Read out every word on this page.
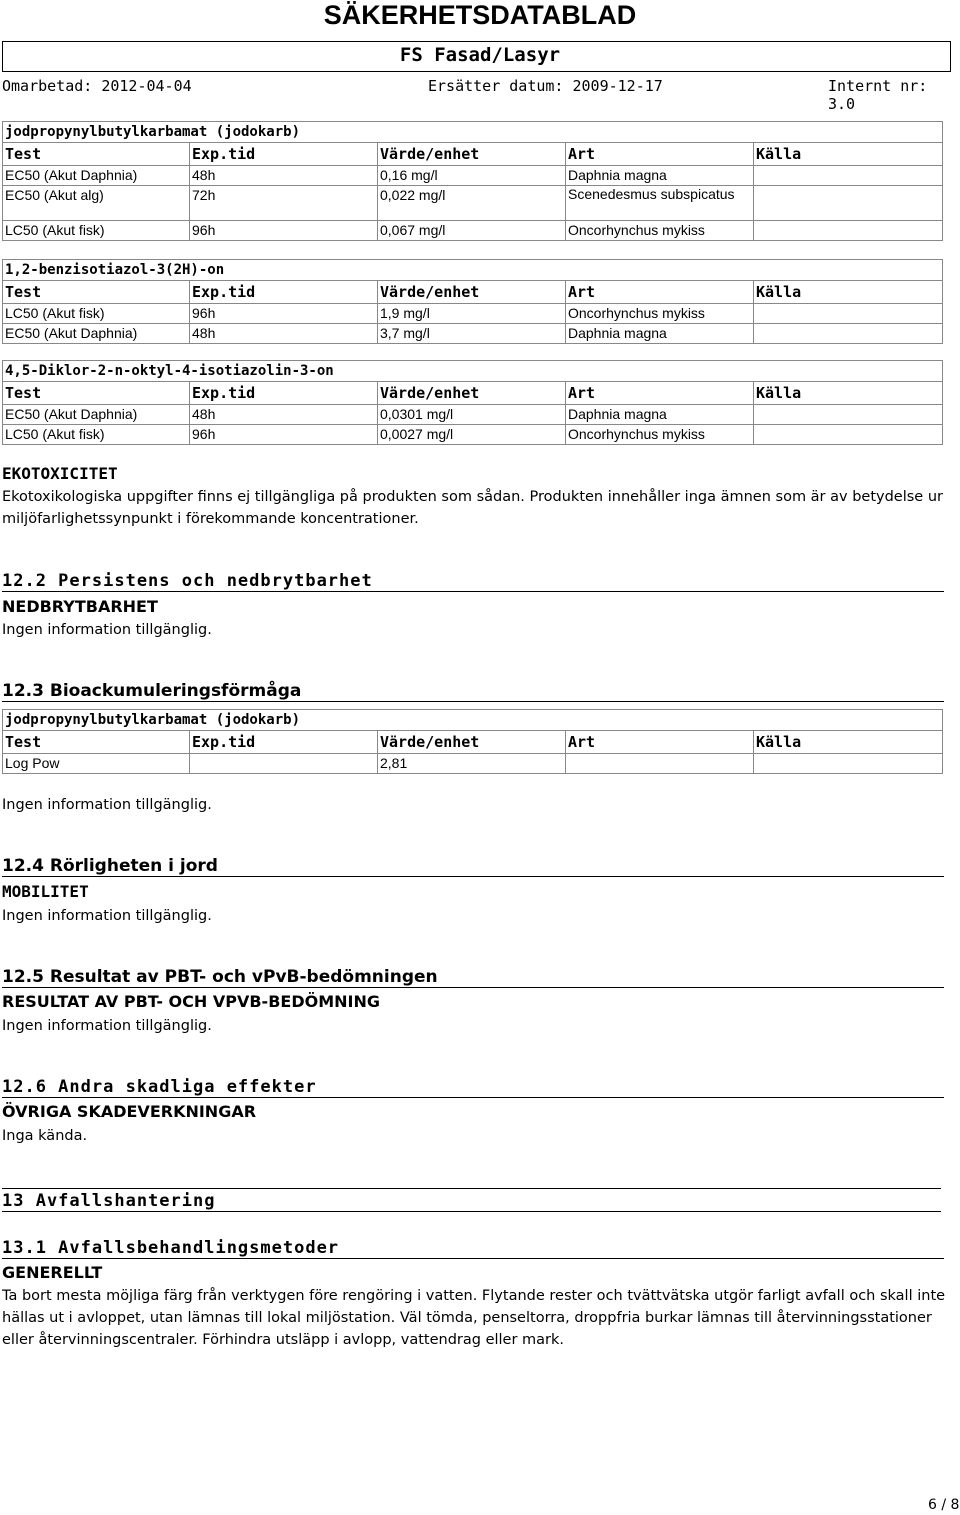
SÄKERHETSDATABLAD
FS Fasad/Lasyr
Omarbetad: 2012-04-04	Ersätter datum: 2009-12-17	Internt nr: 3.0
jodpropynylbutylkarbamat (jodokarb)				
Test	Exp.tid	Värde/enhet	Art	Källa
EC50 (Akut Daphnia)	48h	0,16 mg/l	Daphnia magna	
EC50 (Akut alg)	72h	0,022 mg/l	Scenedesmus subspicatus	
LC50 (Akut fisk)	96h	0,067 mg/l	Oncorhynchus mykiss	
1,2-benzisotiazol-3(2H)-on				
Test	Exp.tid	Värde/enhet	Art	Källa
LC50 (Akut fisk)	96h	1,9 mg/l	Oncorhynchus mykiss	
EC50 (Akut Daphnia)	48h	3,7 mg/l	Daphnia magna	
4,5-Diklor-2-n-oktyl-4-isotiazolin-3-on				
Test	Exp.tid	Värde/enhet	Art	Källa
EC50 (Akut Daphnia)	48h	0,0301 mg/l	Daphnia magna	
LC50 (Akut fisk)	96h	0,0027 mg/l	Oncorhynchus mykiss	
EKOTOXICITET
Ekotoxikologiska uppgifter finns ej tillgängliga på produkten som sådan. Produkten innehåller inga ämnen som är av betydelse ur miljöfarlighetssynpunkt i förekommande koncentrationer.
12.2 Persistens och nedbrytbarhet
NEDBRYTBARHET
Ingen information tillgänglig.
12.3 Bioackumuleringsförmåga
jodpropynylbutylkarbamat (jodokarb)				
Test	Exp.tid	Värde/enhet	Art	Källa
Log Pow		2,81		
Ingen information tillgänglig.
12.4 Rörligheten i jord
MOBILITET
Ingen information tillgänglig.
12.5 Resultat av PBT- och vPvB-bedömningen
RESULTAT AV PBT- OCH VPVB-BEDÖMNING
Ingen information tillgänglig.
12.6 Andra skadliga effekter
ÖVRIGA SKADEVERKNINGAR
Inga kända.
13 Avfallshantering
13.1 Avfallsbehandlingsmetoder
GENERELLT
Ta bort mesta möjliga färg från verktygen före rengöring i vatten. Flytande rester och tvättvätska utgör farligt avfall och skall inte hällas ut i avloppet, utan lämnas till lokal miljöstation. Väl tömda, penseltorra, droppfria burkar lämnas till återvinningsstationer eller återvinningscentraler. Förhindra utsläpp i avlopp, vattendrag eller mark.
6 / 8
